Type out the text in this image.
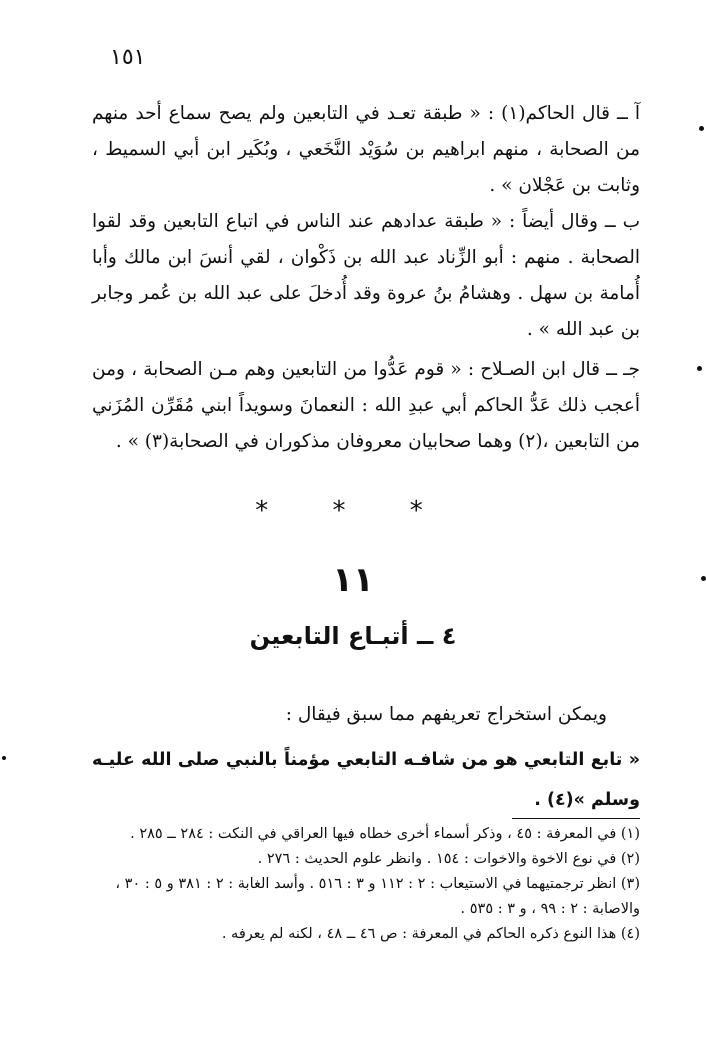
١٥١

آ ــ قال الحاكم(١) : « طبقة تعـد في التابعين ولم يصح سماع أحد منهم من الصحابة ، منهم ابراهيم بن سُوَيْد النَّخَعي ، وبُكَير ابن أبي السميط ، وثابت بن عَجْلان » .

ب ــ وقال أيضاً : « طبقة عدادهم عند الناس في اتباع التابعين وقد لقوا الصحابة . منهم : أبو الزِّناد عبد الله بن ذَكْوان ، لقي أنسَ ابن مالك وأبا أُمامة بن سهل . وهشامُ بنُ عروة وقد أُدخلَ على عبد الله بن عُمر وجابر بن عبد الله » .

جـ ــ قال ابن الصـلاح : « قوم عَدُّوا من التابعين وهم مـن الصحابة ، ومن أعجب ذلك عَدُّ الحاكم أبي عبدِ الله : النعمانَ وسويداً ابني مُقَرِّن المُزَني من التابعين ،(٢) وهما صحابيان معروفان مذكوران في الصحابة(٣) » .

* * *
١١
٤ ــ أتبـاع التابعين
ويمكن استخراج تعريفهم مما سبق فيقال :
« تابع التابعي هو من شافـه التابعي مؤمناً بالنبي صلى الله عليـه وسلم »(٤) .

(١) في المعرفة : ٤٥ ، وذكر أسماء أخرى خطاه فيها العراقي في النكت : ٢٨٤ ــ ٢٨٥ .

(٢) في نوع الاخوة والاخوات : ١٥٤ . وانظر علوم الحديث : ٢٧٦ .

(٣) انظر ترجمتيهما في الاستيعاب : ٢ : ١١٢ و ٣ : ٥١٦ . وأسد الغابة : ٢ : ٣٨١ و ٥ : ٣٠ ، والاصابة : ٢ : ٩٩ ، و ٣ : ٥٣٥ .

(٤) هذا النوع ذكره الحاكم في المعرفة : ص ٤٦ ــ ٤٨ ، لكنه لم يعرفه .
